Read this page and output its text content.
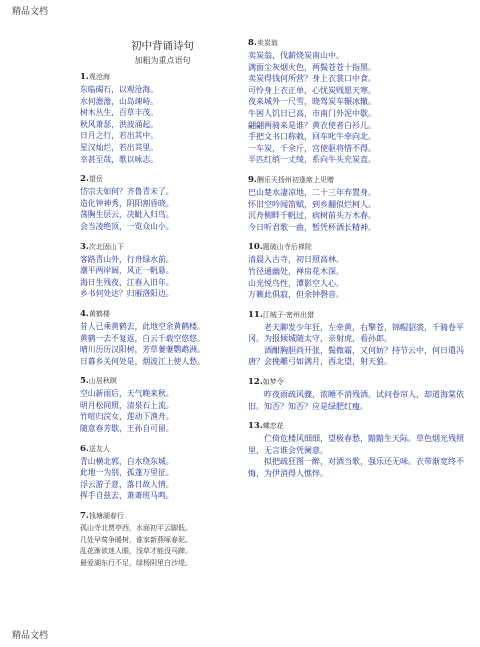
精品文档
初中背诵诗句
加粗为重点语句
1.观沧海

东临碣石，以观沧海。

水何澹澹，山岛竦峙。

树木丛生，百草丰茂。

秋风萧瑟，洪波涌起。

日月之行，若出其中。

星汉灿烂，若出其里。

幸甚至哉，歌以咏志。

2.望岳

岱宗夫如何？齐鲁青未了。

造化钟神秀，阴阳割昏晓。

荡胸生层云，决眦入归鸟。

会当凌绝顶，一览众山小。

3.次北固山下

客路青山外，行舟绿水前。

潮平两岸阔，风正一帆悬。

海日生残夜，江春入旧年。

乡书何处达？归雁洛阳边。

4.黄鹤楼

昔人已乘黄鹤去，此地空余黄鹤楼。

黄鹤一去不复返，白云千载空悠悠。

晴川历历汉阳树，芳草萋萋鹦鹉洲。

日暮乡关何处是，烟波江上使人愁。

5.山居秋暝

空山新雨后，天气晚来秋。

明月松间照，清泉石上流。

竹喧归浣女，莲动下渔舟。

随意春芳歇，王孙自可留。

6.送友人

青山横北郭，白水绕东城。

此地一为别，孤蓬万里征。

浮云游子意，落日故人情。

挥手自兹去，萧萧班马鸣。

7.钱塘湖春行

孤山寺北贾亭西，水面初平云脚低。

几处早莺争暖树，谁家新燕啄春泥。

乱花渐欲迷人眼，浅草才能没马蹄。

最爱湖东行不足，绿杨阴里白沙堤。

8.卖炭翁

卖炭翁，伐薪烧炭南山中。

满面尘灰烟火色，两鬓苍苍十指黑。

卖炭得钱何所营？身上衣裳口中食。

可怜身上衣正单，心忧炭贱愿天寒。

夜来城外一尺雪，晓驾炭车辗冰辙。

牛困人饥日已高，市南门外泥中歇。

翩翩两骑来是谁？黄衣使者白衫儿。

手把文书口称敕，回车叱牛牵向北。

一车炭，千余斤，宫使驱将惜不得。

半匹红绡一丈绫，系向牛头充炭直。

9.酬乐天扬州初逢席上见赠

巴山楚水凄凉地，二十三年弃置身。

怀旧空吟闻笛赋，到乡翻似烂柯人。

沉舟侧畔千帆过，病树前头万木春。

今日听君歌一曲，暂凭杯酒长精神。

10.题破山寺后禅院

清晨入古寺，初日照高林。

竹径通幽处，禅房花木深。

山光悦鸟性，潭影空人心。

万籁此俱寂，但余钟磬音。

11.江城子·密州出猎

老夫聊发少年狂，左牵黄，右擎苍，锦帽貂裘，千骑卷平冈。为报倾城随太守，亲射虎，看孙郎。

酒酣胸胆尚开张，鬓微霜，又何妨？持节云中，何日遣冯唐？会挽雕弓如满月，西北望，射天狼。

12.如梦令

昨夜雨疏风骤，浓睡不消残酒。试问卷帘人，却道海棠依旧。知否？知否？应是绿肥红瘦。

13.蝶恋花

伫倚危楼风细细，望极春愁，黯黯生天际。草色烟光残照里，无言谁会凭阑意。

拟把疏狂图一醉，对酒当歌，强乐还无味。衣带渐宽终不悔，为伊消得人憔悴。

精品文档
